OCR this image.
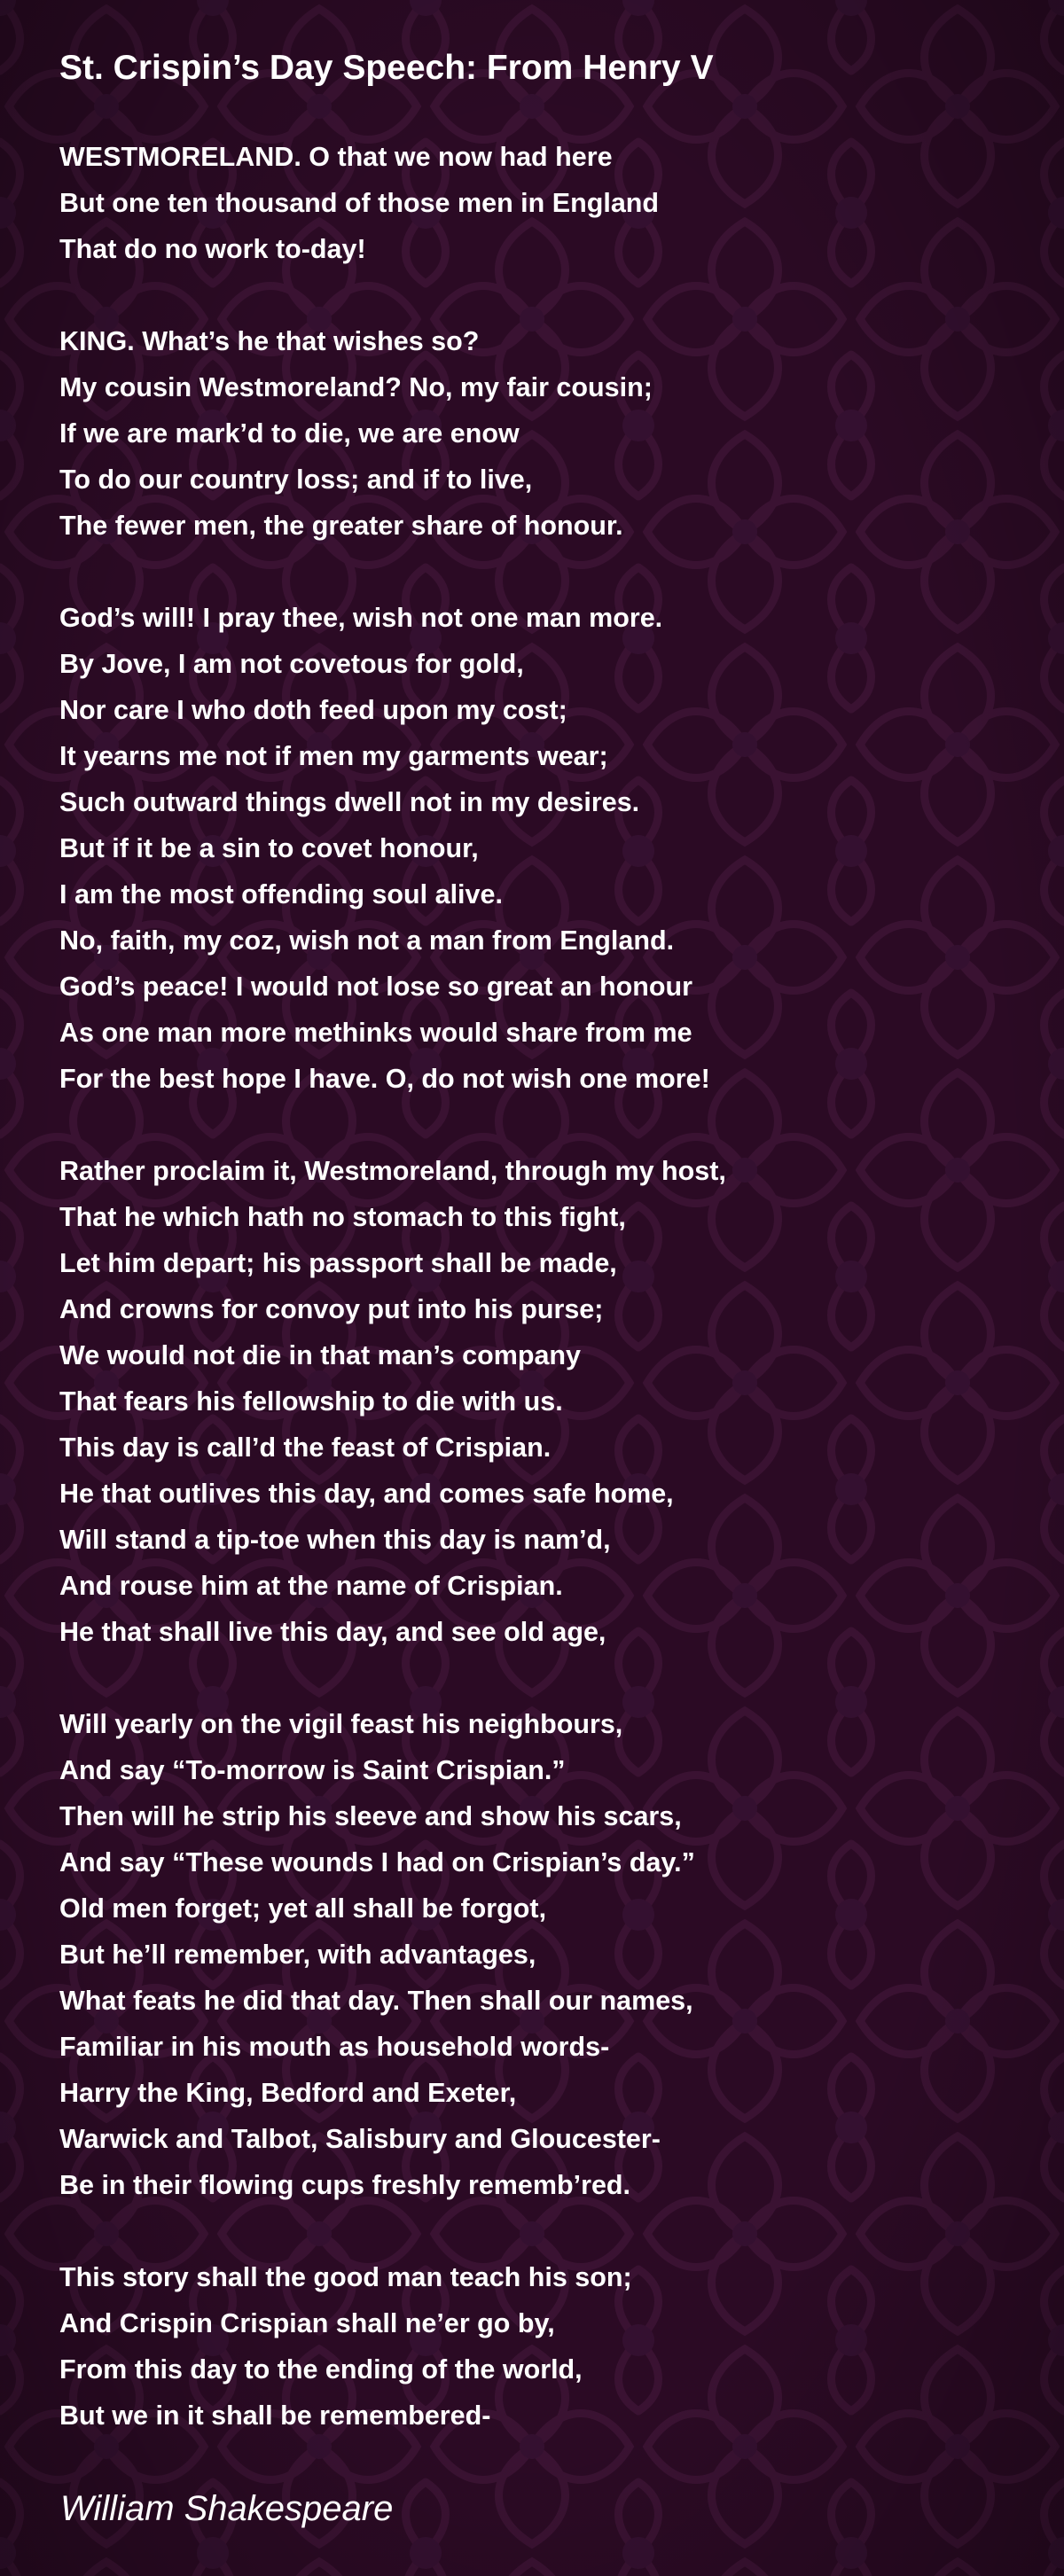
St. Crispin’s Day Speech: From Henry V

WESTMORELAND. O that we now had here
But one ten thousand of those men in England
That do no work to-day!

KING. What’s he that wishes so?
My cousin Westmoreland? No, my fair cousin;
If we are mark’d to die, we are enow
To do our country loss; and if to live,
The fewer men, the greater share of honour.

God’s will! I pray thee, wish not one man more.
By Jove, I am not covetous for gold,
Nor care I who doth feed upon my cost;
It yearns me not if men my garments wear;
Such outward things dwell not in my desires.
But if it be a sin to covet honour,
I am the most offending soul alive.
No, faith, my coz, wish not a man from England.
God’s peace! I would not lose so great an honour
As one man more methinks would share from me
For the best hope I have. O, do not wish one more!

Rather proclaim it, Westmoreland, through my host,
That he which hath no stomach to this fight,
Let him depart; his passport shall be made,
And crowns for convoy put into his purse;
We would not die in that man’s company
That fears his fellowship to die with us.
This day is call’d the feast of Crispian.
He that outlives this day, and comes safe home,
Will stand a tip-toe when this day is nam’d,
And rouse him at the name of Crispian.
He that shall live this day, and see old age,

Will yearly on the vigil feast his neighbours,
And say “To-morrow is Saint Crispian.”
Then will he strip his sleeve and show his scars,
And say “These wounds I had on Crispian’s day.”
Old men forget; yet all shall be forgot,
But he’ll remember, with advantages,
What feats he did that day. Then shall our names,
Familiar in his mouth as household words-
Harry the King, Bedford and Exeter,
Warwick and Talbot, Salisbury and Gloucester-
Be in their flowing cups freshly rememb’red.

This story shall the good man teach his son;
And Crispin Crispian shall ne’er go by,
From this day to the ending of the world,
But we in it shall be remembered-

William Shakespeare
